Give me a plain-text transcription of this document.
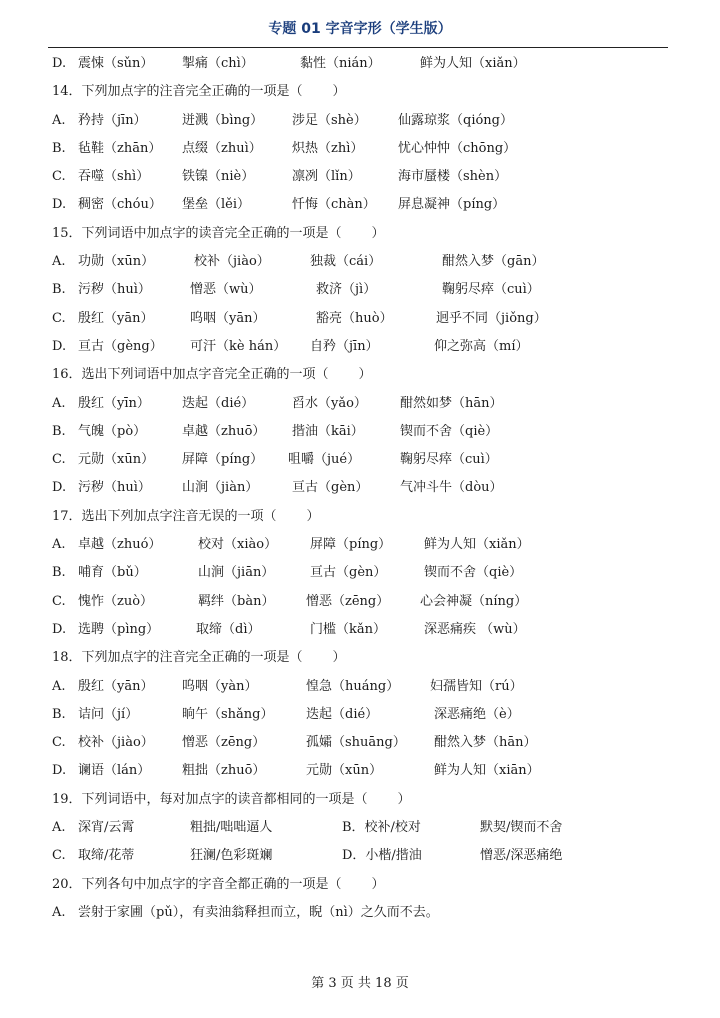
专题 01 字音字形（学生版）
D. 震悚（sǔn） 掣痛（chì）	黏性（nián）	鲜为人知（xiǎn）
14．下列加点字的注音完全正确的一项是（ ）
A. 矜持（jīn）	迸溅（bìng） 涉足（shè） 仙露琼浆（qióng）
B. 毡鞋（zhān） 点缀（zhuì） 炽热（zhì）	忧心忡忡（chōng）
C. 吞噬（shì）	铁镍（niè）	凛冽（lǐn）	海市蜃楼（shèn）
D. 稠密（chóu） 堡垒（lěi）	忏悔（chàn） 屏息凝神（píng）
15．下列词语中加点字的读音完全正确的一项是（ ）
A. 功勋（xūn）	校补（jiào）	独裁（cái）	酣然入梦（gān）
B. 污秽（huì）	憎恶（wù）	救济（jì）	鞠躬尽瘁（cuì）
C. 殷红（yān）	呜咽（yān）	豁亮（huò）	迥乎不同（jiǒng）
D. 亘古（gèng） 可汗（kè hán） 自矜（jīn）	仰之弥高（mí）
16．选出下列词语中加点字音完全正确的一项（ ）
A. 殷红（yīn） 迭起（dié）	舀水（yǎo）	酣然如梦（hān）
B. 气魄（pò）	卓越（zhuō） 揩油（kāi）	锲而不舍（qiè）
C. 元勋（xūn） 屏障（píng） 咀嚼（jué）	鞠躬尽瘁（cuì）
D. 污秽（huì） 山涧（jiàn）	亘古（gèn） 气冲斗牛（dòu）
17．选出下列加点字注音无误的一项（ ）
A. 卓越（zhuó）	校对（xiào）	屏障（píng）	鲜为人知（xiǎn）
B. 哺育（bǔ）	山涧（jiān）	亘古（gèn）	锲而不舍（qiè）
C. 愧怍（zuò）	羁绊（bàn） 憎恶（zēng） 心会神凝（níng）
D. 选聘（pìng）	取缔（dì）	门槛（kǎn）	深恶痛疾 （wù）
18．下列加点字的注音完全正确的一项是（ ）
A. 殷红（yān） 呜咽（yàn）	惶急（huáng） 妇孺皆知（rú）
B. 诘问（jí）	晌午（shǎng）	迭起（dié）	深恶痛绝（è）
C. 校补（jiào） 憎恶（zēng）	孤孀（shuāng） 酣然入梦（hān）
D. 谰语（lán） 粗拙（zhuō）	元勋（xūn）	鲜为人知（xiān）
19．下列词语中，每对加点字的读音都相同的一项是（ ）
A. 深宵/云霄	粗拙/咄咄逼人	B．校补/校对	默契/锲而不舍
C. 取缔/花蒂	狂澜/色彩斑斓	D．小楷/揩油	憎恶/深恶痛绝
20．下列各句中加点字的字音全都正确的一项是（ ）
A. 尝射于家圃（pǔ），有卖油翁释担而立，睨（nì）之久而不去。
第 3 页 共 18 页
